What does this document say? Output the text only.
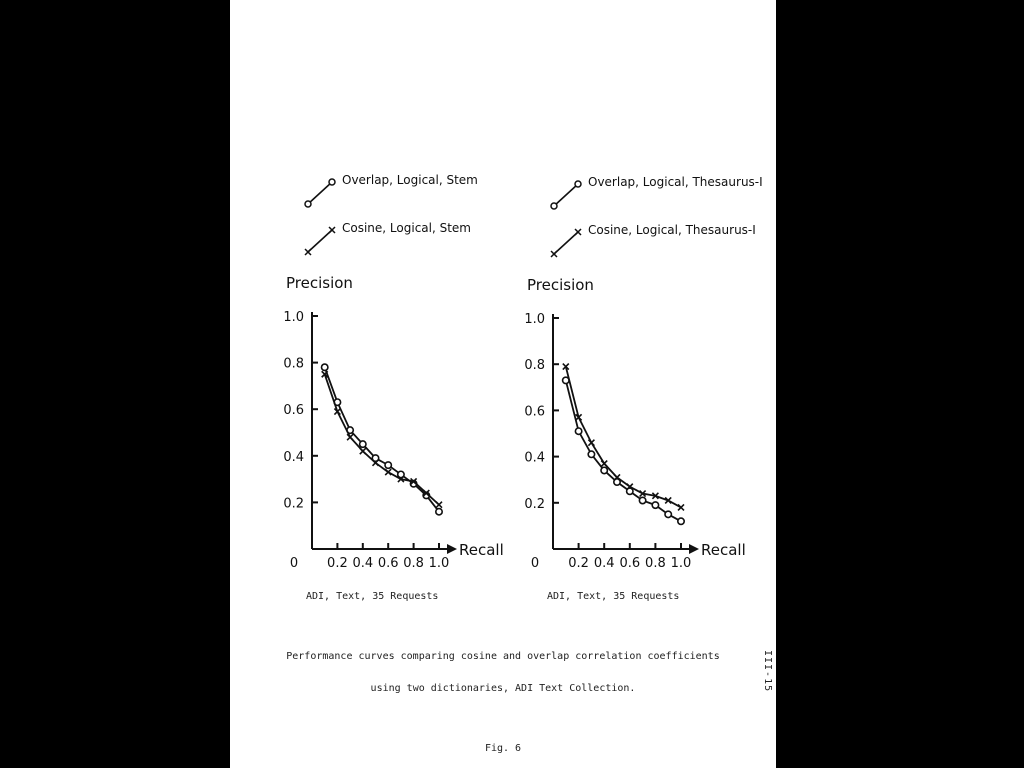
0.2
0.4
0.6
0.8
1.0
0.2 0.4 0.6 0.8 1.0
0
Precision
Recall
Overlap, Logical, Stem
Cosine, Logical, Stem
ADI, Text, 35 Requests
0.2
0.4
0.6
0.8
1.0
0.2 0.4 0.6 0.8 1.0
0
Precision
Recall
Overlap, Logical, Thesaurus-I
Cosine, Logical, Thesaurus-I
ADI, Text, 35 Requests
Performance curves comparing cosine and overlap correlation coefficients
using two dictionaries, ADI Text Collection.
Fig. 6
III-15
